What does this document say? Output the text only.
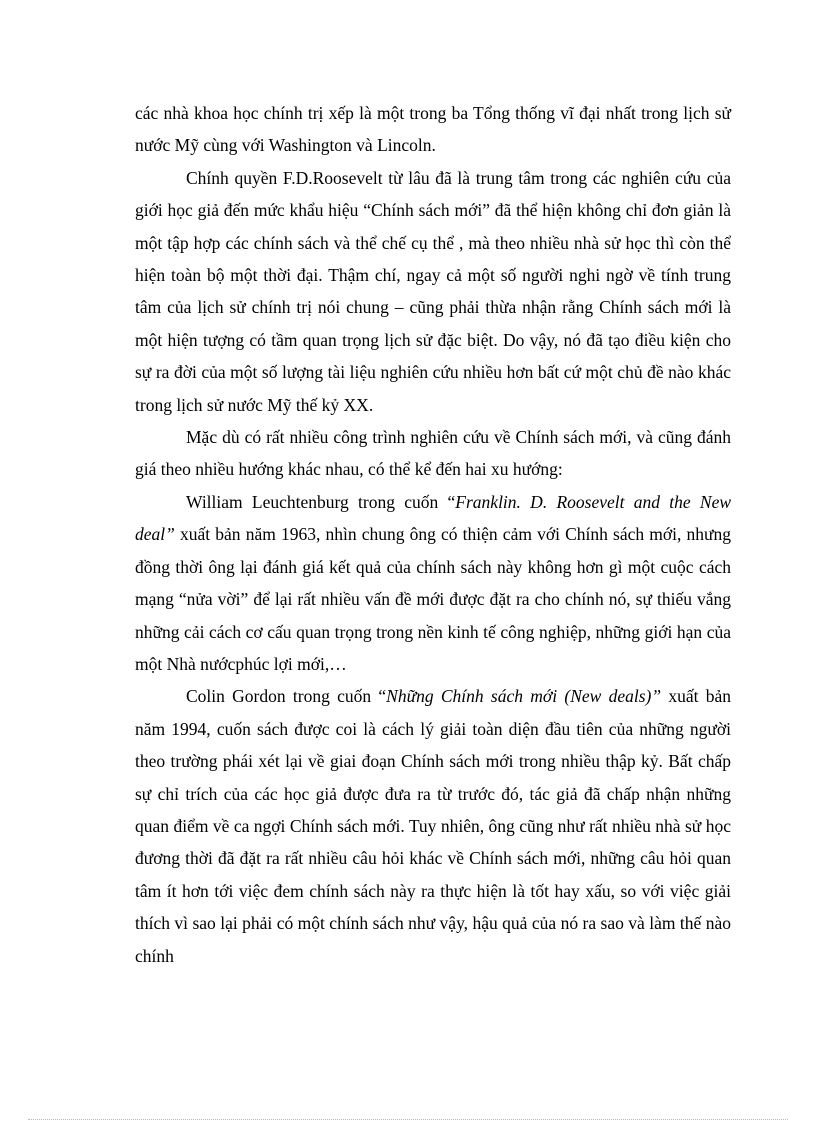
các nhà khoa học chính trị xếp là một trong ba Tổng thống vĩ đại nhất trong lịch sử nước Mỹ cùng với Washington và Lincoln.

Chính quyền F.D.Roosevelt từ lâu đã là trung tâm trong các nghiên cứu của giới học giả đến mức khẩu hiệu “Chính sách mới” đã thể hiện không chỉ đơn giản là một tập hợp các chính sách và thể chế cụ thể , mà theo nhiều nhà sử học thì còn thể hiện toàn bộ một thời đại. Thậm chí, ngay cả một số người nghi ngờ về tính trung tâm của lịch sử chính trị nói chung – cũng phải thừa nhận rằng Chính sách mới là một hiện tượng có tầm quan trọng lịch sử đặc biệt. Do vậy, nó đã tạo điều kiện cho sự ra đời của một số lượng tài liệu nghiên cứu nhiều hơn bất cứ một chủ đề nào khác trong lịch sử nước Mỹ thế kỷ XX.

Mặc dù có rất nhiều công trình nghiên cứu về Chính sách mới, và cũng đánh giá theo nhiều hướng khác nhau, có thể kể đến hai xu hướng:

William Leuchtenburg trong cuốn “Franklin. D. Roosevelt and the New deal” xuất bản năm 1963, nhìn chung ông có thiện cảm với Chính sách mới, nhưng đồng thời ông lại đánh giá kết quả của chính sách này không hơn gì một cuộc cách mạng “nửa vời” để lại rất nhiều vấn đề mới được đặt ra cho chính nó, sự thiếu vắng những cải cách cơ cấu quan trọng trong nền kinh tế công nghiệp, những giới hạn của một Nhà nướcphúc lợi mới,…

Colin Gordon trong cuốn “Những Chính sách mới (New deals)” xuất bản năm 1994, cuốn sách được coi là cách lý giải toàn diện đầu tiên của những người theo trường phái xét lại về giai đoạn Chính sách mới trong nhiều thập kỷ. Bất chấp sự chỉ trích của các học giả được đưa ra từ trước đó, tác giả đã chấp nhận những quan điểm về ca ngợi Chính sách mới. Tuy nhiên, ông cũng như rất nhiều nhà sử học đương thời đã đặt ra rất nhiều câu hỏi khác về Chính sách mới, những câu hỏi quan tâm ít hơn tới việc đem chính sách này ra thực hiện là tốt hay xấu, so với việc giải thích vì sao lại phải có một chính sách như vậy, hậu quả của nó ra sao và làm thế nào chính
